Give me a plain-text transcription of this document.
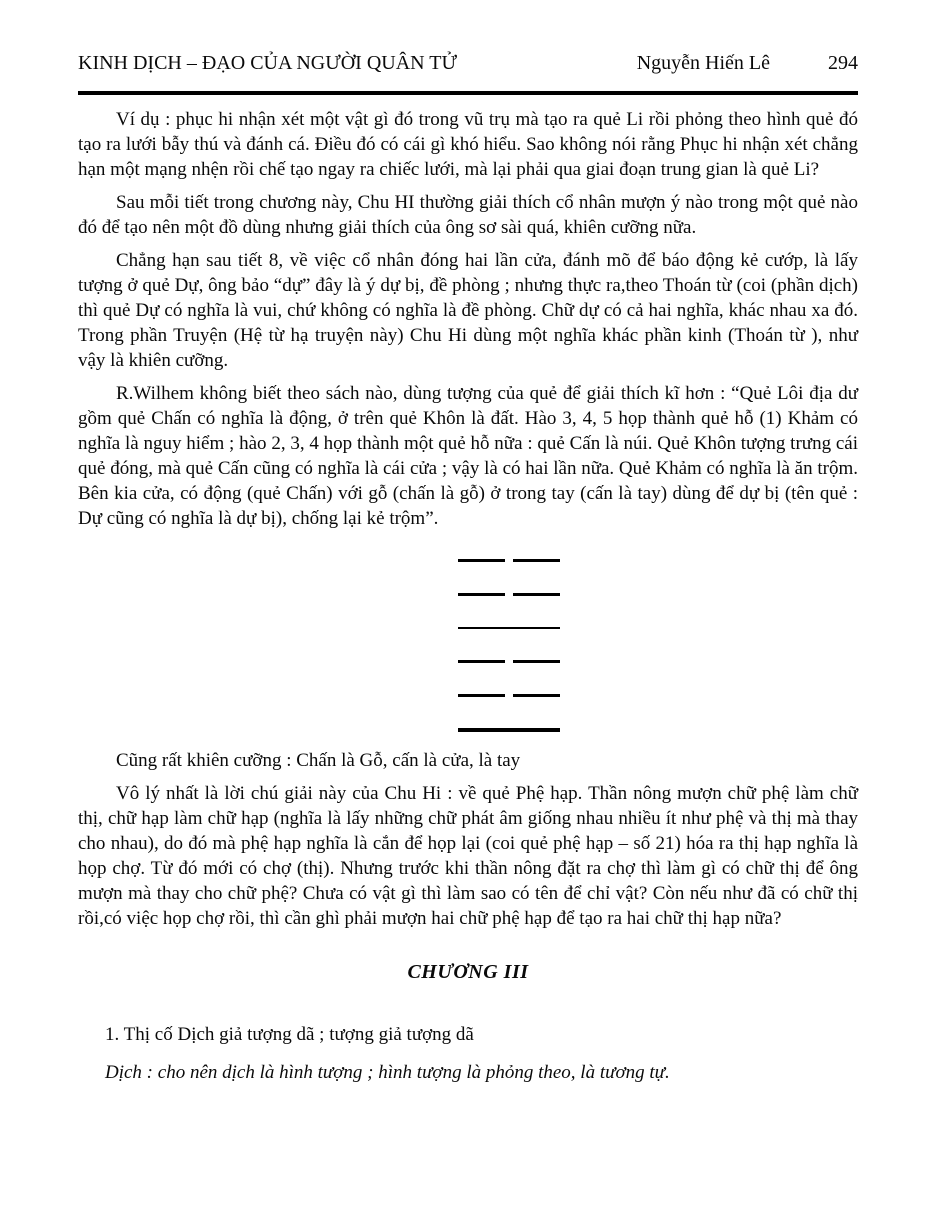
KINH DỊCH – ĐẠO CỦA NGƯỜI QUÂN TỬ	Nguyễn Hiến Lê	294

Ví dụ : phục hi nhận xét một vật gì đó trong vũ trụ mà tạo ra quẻ Li rồi phỏng theo hình quẻ đó tạo ra lưới bẫy thú và đánh cá. Điều đó có cái gì khó hiểu. Sao không nói rằng Phục hi nhận xét chẳng hạn một mạng nhện rồi chế tạo ngay ra chiếc lưới, mà lại phải qua giai đoạn trung gian là quẻ Li?

Sau mỗi tiết trong chương này, Chu HI thường giải thích cổ nhân mượn ý nào trong một quẻ nào đó để tạo nên một đồ dùng nhưng giải thích của ông sơ sài quá, khiên cưỡng nữa.

Chẳng hạn sau tiết 8, về việc cổ nhân đóng hai lần cửa, đánh mõ để báo động kẻ cướp, là lấy tượng ở quẻ Dự, ông bảo “dự” đây là ý dự bị, đề phòng ; nhưng thực ra,theo Thoán từ (coi (phần dịch) thì quẻ Dự có nghĩa là vui, chứ không có nghĩa là đề phòng. Chữ dự có cả hai nghĩa, khác nhau xa đó. Trong phần Truyện (Hệ từ hạ truyện này) Chu Hi dùng một nghĩa khác phần kinh (Thoán từ ), như vậy là khiên cưỡng.

R.Wilhem không biết theo sách nào, dùng tượng của quẻ để giải thích kĩ hơn : “Quẻ Lôi địa dư gồm quẻ Chấn có nghĩa là động, ở trên quẻ Khôn là đất. Hào 3, 4, 5 họp thành quẻ hỗ (1) Khảm có nghĩa là nguy hiểm ; hào 2, 3, 4 họp thành một quẻ hỗ nữa : quẻ Cấn là núi. Quẻ Khôn tượng trưng cái quẻ đóng, mà quẻ Cấn cũng có nghĩa là cái cửa ; vậy là có hai lần nữa. Quẻ Khảm có nghĩa là ăn trộm. Bên kia cửa, có động (quẻ Chấn) với gỗ (chấn là gỗ) ở trong tay (cấn là tay) dùng để dự bị (tên quẻ : Dự cũng có nghĩa là dự bị), chống lại kẻ trộm”.

Cũng rất khiên cưỡng : Chấn là Gỗ, cấn là cửa, là tay

Vô lý nhất là lời chú giải này của Chu Hi : về quẻ Phệ hạp. Thần nông mượn chữ phệ làm chữ thị, chữ hạp làm chữ hạp (nghĩa là lấy những chữ phát âm giống nhau nhiều ít như phệ và thị mà thay cho nhau), do đó mà phệ hạp nghĩa là cắn để họp lại (coi quẻ phệ hạp – số 21) hóa ra thị hạp nghĩa là họp chợ. Từ đó mới có chợ (thị). Nhưng trước khi thần nông đặt ra chợ thì làm gì có chữ thị để ông mượn mà thay cho chữ phệ? Chưa có vật gì thì làm sao có tên để chỉ vật? Còn nếu như đã có chữ thị rồi,có việc họp chợ rồi, thì cần ghì phải mượn hai chữ phệ hạp để tạo ra hai chữ thị hạp nữa?

CHƯƠNG III

1. Thị cố Dịch giả tượng dã ; tượng giả tượng dã

Dịch : cho nên dịch là hình tượng ; hình tượng là phỏng theo, là tương tự.
